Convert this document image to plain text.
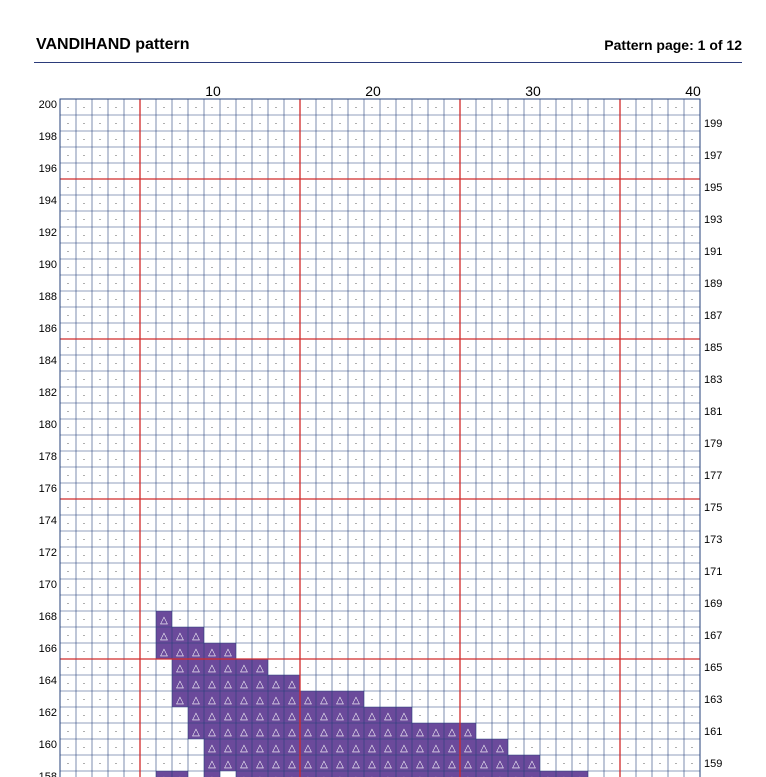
VANDIHAND pattern	Pattern page: 1 of 12
· · · · · · · · · · · · · · · · · · · · · · · · · · · · · · · · · · · · · · · ·
· · · · · · · · · · · · · · · · · · · · · · · · · · · · · · · · · · · · · · · ·
· · · · · · · · · · · · · · · · · · · · · · · · · · · · · · · · · · · · · · · ·
· · · · · · · · · · · · · · · · · · · · · · · · · · · · · · · · · · · · · · · ·
· · · · · · · · · · · · · · · · · · · · · · · · · · · · · · · · · · · · · · · ·
· · · · · · · · · · · · · · · · · · · · · · · · · · · · · · · · · · · · · · · ·
· · · · · · · · · · · · · · · · · · · · · · · · · · · · · · · · · · · · · · · ·
· · · · · · · · · · · · · · · · · · · · · · · · · · · · · · · · · · · · · · · ·
· · · · · · · · · · · · · · · · · · · · · · · · · · · · · · · · · · · · · · · ·
· · · · · · · · · · · · · · · · · · · · · · · · · · · · · · · · · · · · · · · ·
· · · · · · · · · · · · · · · · · · · · · · · · · · · · · · · · · · · · · · · ·
· · · · · · · · · · · · · · · · · · · · · · · · · · · · · · · · · · · · · · · ·
· · · · · · · · · · · · · · · · · · · · · · · · · · · · · · · · · · · · · · · ·
· · · · · · · · · · · · · · · · · · · · · · · · · · · · · · · · · · · · · · · ·
· · · · · · · · · · · · · · · · · · · · · · · · · · · · · · · · · · · · · · · ·
· · · · · · · · · · · · · · · · · · · · · · · · · · · · · · · · · · · · · · · ·
· · · · · · · · · · · · · · · · · · · · · · · · · · · · · · · · · · · · · · · ·
· · · · · · · · · · · · · · · · · · · · · · · · · · · · · · · · · · · · · · · ·
· · · · · · · · · · · · · · · · · · · · · · · · · · · · · · · · · · · · · · · ·
· · · · · · · · · · · · · · · · · · · · · · · · · · · · · · · · · · · · · · · ·
· · · · · · · · · · · · · · · · · · · · · · · · · · · · · · · · · · · · · · · ·
· · · · · · · · · · · · · · · · · · · · · · · · · · · · · · · · · · · · · · · ·
· · · · · · · · · · · · · · · · · · · · · · · · · · · · · · · · · · · · · · · ·
· · · · · · · · · · · · · · · · · · · · · · · · · · · · · · · · · · · · · · · ·
· · · · · · · · · · · · · · · · · · · · · · · · · · · · · · · · · · · · · · · ·
· · · · · · · · · · · · · · · · · · · · · · · · · · · · · · · · · · · · · · · ·
· · · · · · · · · · · · · · · · · · · · · · · · · · · · · · · · · · · · · · · ·
· · · · · · · · · · · · · · · · · · · · · · · · · · · · · · · · · · · · · · · ·
· · · · · · · · · · · · · · · · · · · · · · · · · · · · · · · · · · · · · · · ·
· · · · · · · · · · · · · · · · · · · · · · · · · · · · · · · · · · · · · · · ·
· · · · · · · · · · · · · · · · · · · · · · · · · · · · · · · · · · · · · · · ·
· · · · · · · · · · · · · · · · · · · · · · · · · · · · · · · · · · · · · · · ·
· · · · · · △ · · · · · · · · · · · · · · · · · · · · · · · · · · · · · · · · ·
· · · · · · △ △ △ · · · · · · · · · · · · · · · · · · · · · · · · · · · · · · ·
· · · · · · △ △ △ △ △ · · · · · · · · · · · · · · · · · · · · · · · · · · · · ·
· · · · · · · △ △ △ △ △ △ · · · · · · · · · · · · · · · · · · · · · · · · · · ·
· · · · · · · △ △ △ △ △ △ △ △ · · · · · · · · · · · · · · · · · · · · · · · · ·
· · · · · · · △ △ △ △ △ △ △ △ △ △ △ △ · · · · · · · · · · · · · · · · · · · · ·
· · · · · · · · △ △ △ △ △ △ △ △ △ △ △ △ △ △ · · · · · · · · · · · · · · · · · ·
· · · · · · · · △ △ △ △ △ △ △ △ △ △ △ △ △ △ △ △ △ △ · · · · · · · · · · · · · ·
· · · · · · · · · △ △ △ △ △ △ △ △ △ △ △ △ △ △ △ △ △ △ △ · · · · · · · · · · · ·
· · · · · · · · · △ △ △ △ △ △ △ △ △ △ △ △ △ △ △ △ △ △ △ △ △ · · · · · · · · · ·
10	20	30	40
200
198
196
194
192
190
188
186
184
182
180
178
176
174
172
170
168
166
164
162
160
158
199
197
195
193
191
189
187
185
183
181
179
177
175
173
171
169
167
165
163
161
159
